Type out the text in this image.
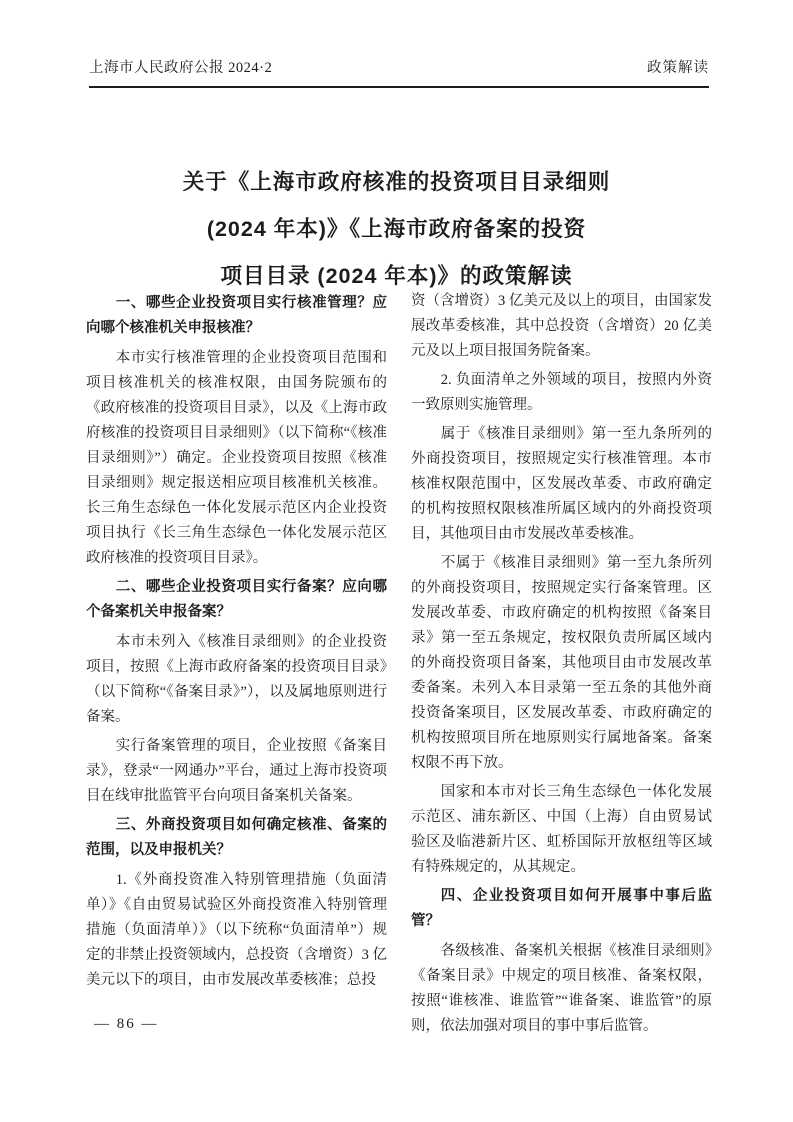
上海市人民政府公报 2024·2	政策解读
关于《上海市政府核准的投资项目目录细则
(2024 年本)》《上海市政府备案的投资
项目目录 (2024 年本)》的政策解读

一、哪些企业投资项目实行核准管理？应向哪个核准机关申报核准？

本市实行核准管理的企业投资项目范围和项目核准机关的核准权限，由国务院颁布的《政府核准的投资项目目录》，以及《上海市政府核准的投资项目目录细则》（以下简称“《核准目录细则》”）确定。企业投资项目按照《核准目录细则》规定报送相应项目核准机关核准。长三角生态绿色一体化发展示范区内企业投资项目执行《长三角生态绿色一体化发展示范区政府核准的投资项目目录》。

二、哪些企业投资项目实行备案？应向哪个备案机关申报备案？

本市未列入《核准目录细则》的企业投资项目，按照《上海市政府备案的投资项目目录》（以下简称“《备案目录》”），以及属地原则进行备案。

实行备案管理的项目，企业按照《备案目录》，登录“一网通办”平台，通过上海市投资项目在线审批监管平台向项目备案机关备案。

三、外商投资项目如何确定核准、备案的范围，以及申报机关？

1.《外商投资准入特别管理措施（负面清单）》《自由贸易试验区外商投资准入特别管理措施（负面清单）》（以下统称“负面清单”）规定的非禁止投资领域内，总投资（含增资）3 亿美元以下的项目，由市发展改革委核准；总投

资（含增资）3 亿美元及以上的项目，由国家发展改革委核准，其中总投资（含增资）20 亿美元及以上项目报国务院备案。

2. 负面清单之外领域的项目，按照内外资一致原则实施管理。

属于《核准目录细则》第一至九条所列的外商投资项目，按照规定实行核准管理。本市核准权限范围中，区发展改革委、市政府确定的机构按照权限核准所属区域内的外商投资项目，其他项目由市发展改革委核准。

不属于《核准目录细则》第一至九条所列的外商投资项目，按照规定实行备案管理。区发展改革委、市政府确定的机构按照《备案目录》第一至五条规定，按权限负责所属区域内的外商投资项目备案，其他项目由市发展改革委备案。未列入本目录第一至五条的其他外商投资备案项目，区发展改革委、市政府确定的机构按照项目所在地原则实行属地备案。备案权限不再下放。

国家和本市对长三角生态绿色一体化发展示范区、浦东新区、中国（上海）自由贸易试验区及临港新片区、虹桥国际开放枢纽等区域有特殊规定的，从其规定。

四、企业投资项目如何开展事中事后监管？

各级核准、备案机关根据《核准目录细则》《备案目录》中规定的项目核准、备案权限，按照“谁核准、谁监管”“谁备案、谁监管”的原则，依法加强对项目的事中事后监管。

— 86 —
